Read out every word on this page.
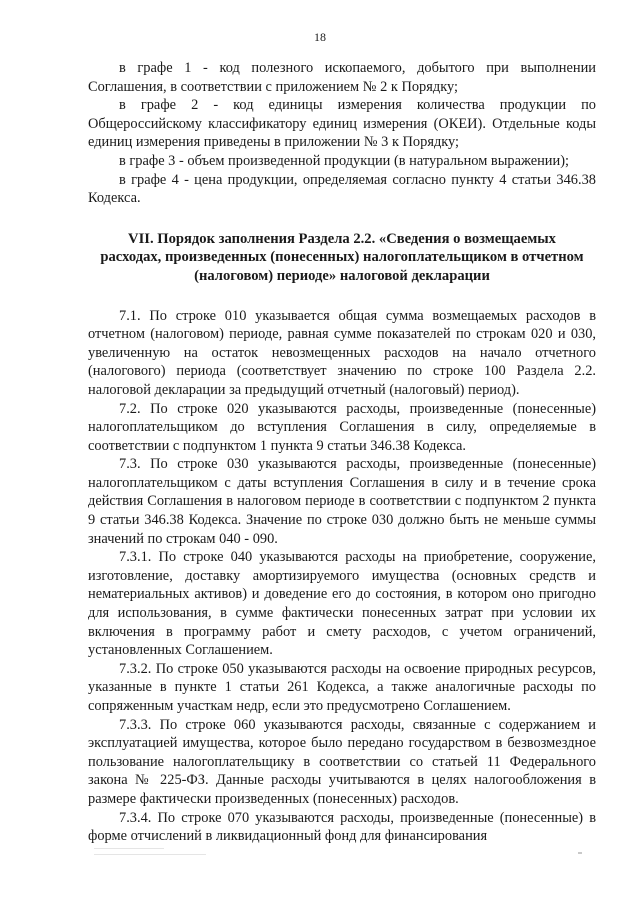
18

в графе 1 - код полезного ископаемого, добытого при выполнении Соглашения, в соответствии с приложением № 2 к Порядку;

в графе 2 - код единицы измерения количества продукции по Общероссийскому классификатору единиц измерения (ОКЕИ). Отдельные коды единиц измерения приведены в приложении № 3 к Порядку;

в графе 3 - объем произведенной продукции (в натуральном выражении);

в графе 4 - цена продукции, определяемая согласно пункту 4 статьи 346.38 Кодекса.

VII. Порядок заполнения Раздела 2.2. «Сведения о возмещаемых
расходах, произведенных (понесенных) налогоплательщиком в отчетном
(налоговом) периоде» налоговой декларации

7.1. По строке 010 указывается общая сумма возмещаемых расходов в отчетном (налоговом) периоде, равная сумме показателей по строкам 020 и 030, увеличенную на остаток невозмещенных расходов на начало отчетного (налогового) периода (соответствует значению по строке 100 Раздела 2.2. налоговой декларации за предыдущий отчетный (налоговый) период).

7.2. По строке 020 указываются расходы, произведенные (понесенные) налогоплательщиком до вступления Соглашения в силу, определяемые в соответствии с подпунктом 1 пункта 9 статьи 346.38 Кодекса.

7.3. По строке 030 указываются расходы, произведенные (понесенные) налогоплательщиком с даты вступления Соглашения в силу и в течение срока действия Соглашения в налоговом периоде в соответствии с подпунктом 2 пункта 9 статьи 346.38 Кодекса. Значение по строке 030 должно быть не меньше суммы значений по строкам 040 - 090.

7.3.1. По строке 040 указываются расходы на приобретение, сооружение, изготовление, доставку амортизируемого имущества (основных средств и нематериальных активов) и доведение его до состояния, в котором оно пригодно для использования, в сумме фактически понесенных затрат при условии их включения в программу работ и смету расходов, с учетом ограничений, установленных Соглашением.

7.3.2. По строке 050 указываются расходы на освоение природных ресурсов, указанные в пункте 1 статьи 261 Кодекса, а также аналогичные расходы по сопряженным участкам недр, если это предусмотрено Соглашением.

7.3.3. По строке 060 указываются расходы, связанные с содержанием и эксплуатацией имущества, которое было передано государством в безвозмездное пользование налогоплательщику в соответствии со статьей 11 Федерального закона № 225-ФЗ. Данные расходы учитываются в целях налогообложения в размере фактически произведенных (понесенных) расходов.

7.3.4. По строке 070 указываются расходы, произведенные (понесенные) в форме отчислений в ликвидационный фонд для финансирования
